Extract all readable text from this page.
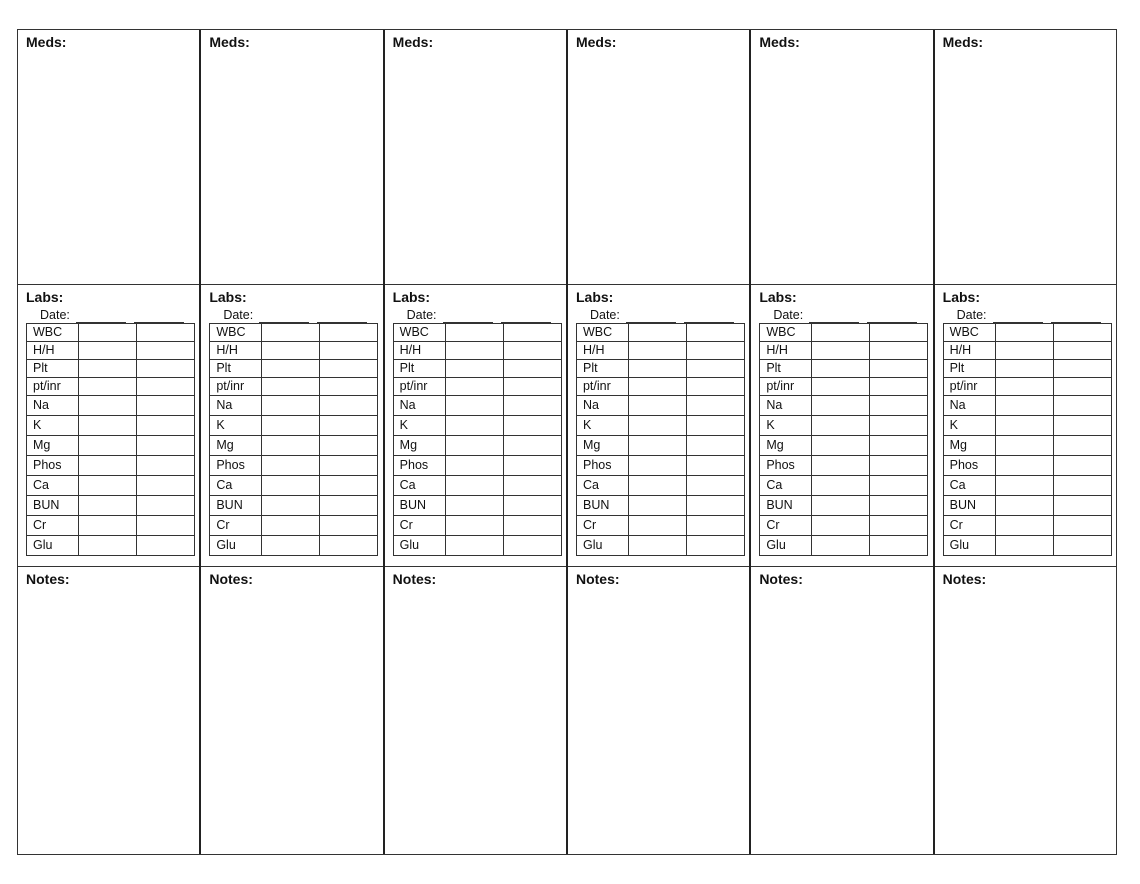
Meds:
Labs:
Date:
WBC		
H/H		
Plt		
pt/inr		
Na		
K		
Mg		
Phos		
Ca		
BUN		
Cr		
Glu		
Notes:
Meds:
Labs:
Date:
WBC		
H/H		
Plt		
pt/inr		
Na		
K		
Mg		
Phos		
Ca		
BUN		
Cr		
Glu		
Notes:
Meds:
Labs:
Date:
WBC		
H/H		
Plt		
pt/inr		
Na		
K		
Mg		
Phos		
Ca		
BUN		
Cr		
Glu		
Notes:
Meds:
Labs:
Date:
WBC		
H/H		
Plt		
pt/inr		
Na		
K		
Mg		
Phos		
Ca		
BUN		
Cr		
Glu		
Notes:
Meds:
Labs:
Date:
WBC		
H/H		
Plt		
pt/inr		
Na		
K		
Mg		
Phos		
Ca		
BUN		
Cr		
Glu		
Notes:
Meds:
Labs:
Date:
WBC		
H/H		
Plt		
pt/inr		
Na		
K		
Mg		
Phos		
Ca		
BUN		
Cr		
Glu		
Notes:
